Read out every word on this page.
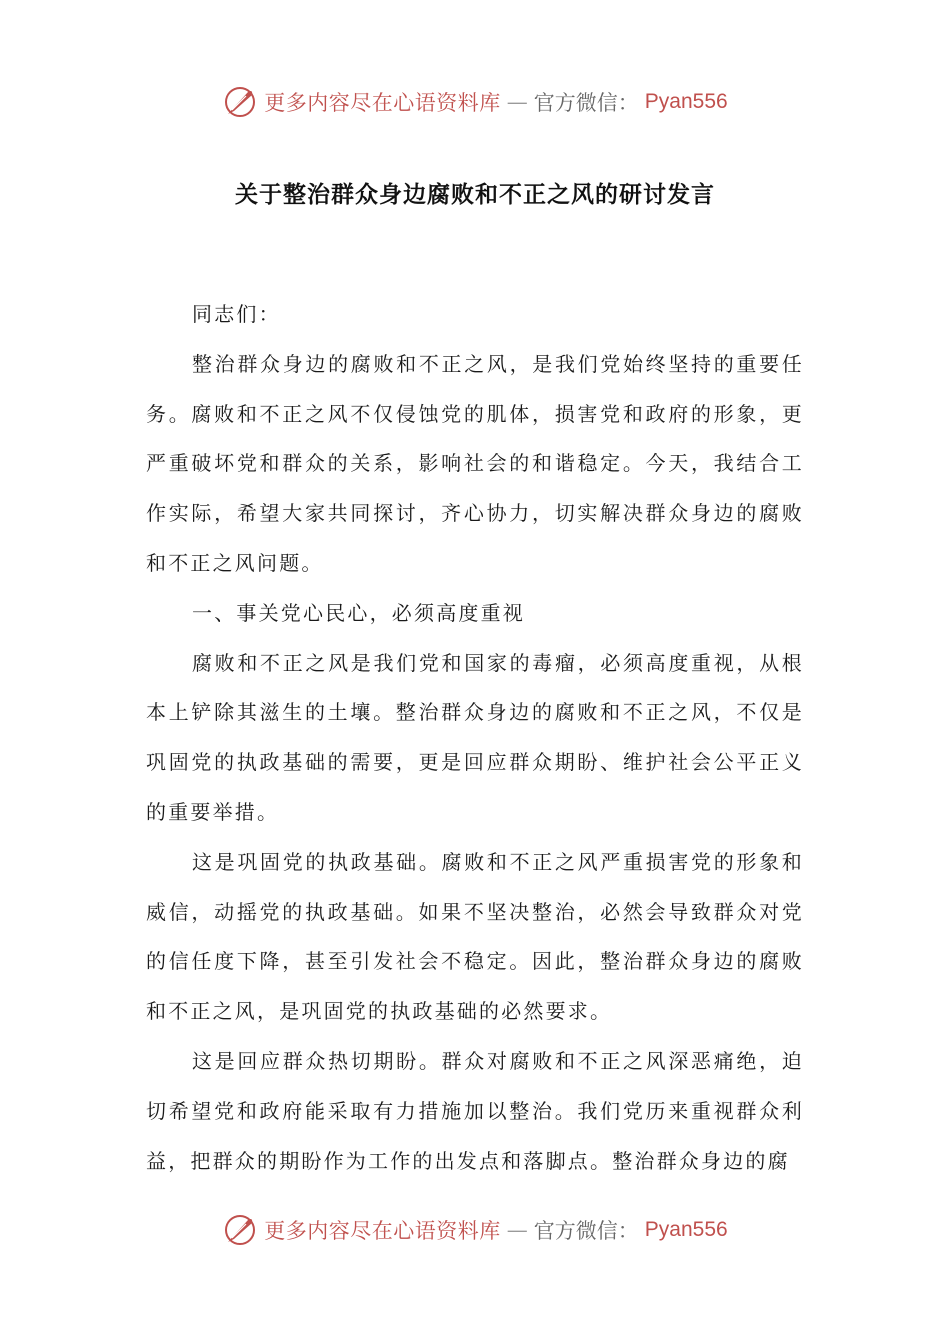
更多内容尽在心语资料库 — 官方微信： Pyan556
关于整治群众身边腐败和不正之风的研讨发言

同志们：

整治群众身边的腐败和不正之风，是我们党始终坚持的重要任务。腐败和不正之风不仅侵蚀党的肌体，损害党和政府的形象，更严重破坏党和群众的关系，影响社会的和谐稳定。今天，我结合工作实际，希望大家共同探讨，齐心协力，切实解决群众身边的腐败和不正之风问题。

一、事关党心民心，必须高度重视

腐败和不正之风是我们党和国家的毒瘤，必须高度重视，从根本上铲除其滋生的土壤。整治群众身边的腐败和不正之风，不仅是巩固党的执政基础的需要，更是回应群众期盼、维护社会公平正义的重要举措。

这是巩固党的执政基础。腐败和不正之风严重损害党的形象和威信，动摇党的执政基础。如果不坚决整治，必然会导致群众对党的信任度下降，甚至引发社会不稳定。因此，整治群众身边的腐败和不正之风，是巩固党的执政基础的必然要求。

这是回应群众热切期盼。群众对腐败和不正之风深恶痛绝，迫切希望党和政府能采取有力措施加以整治。我们党历来重视群众利益，把群众的期盼作为工作的出发点和落脚点。整治群众身边的腐

更多内容尽在心语资料库 — 官方微信： Pyan556
